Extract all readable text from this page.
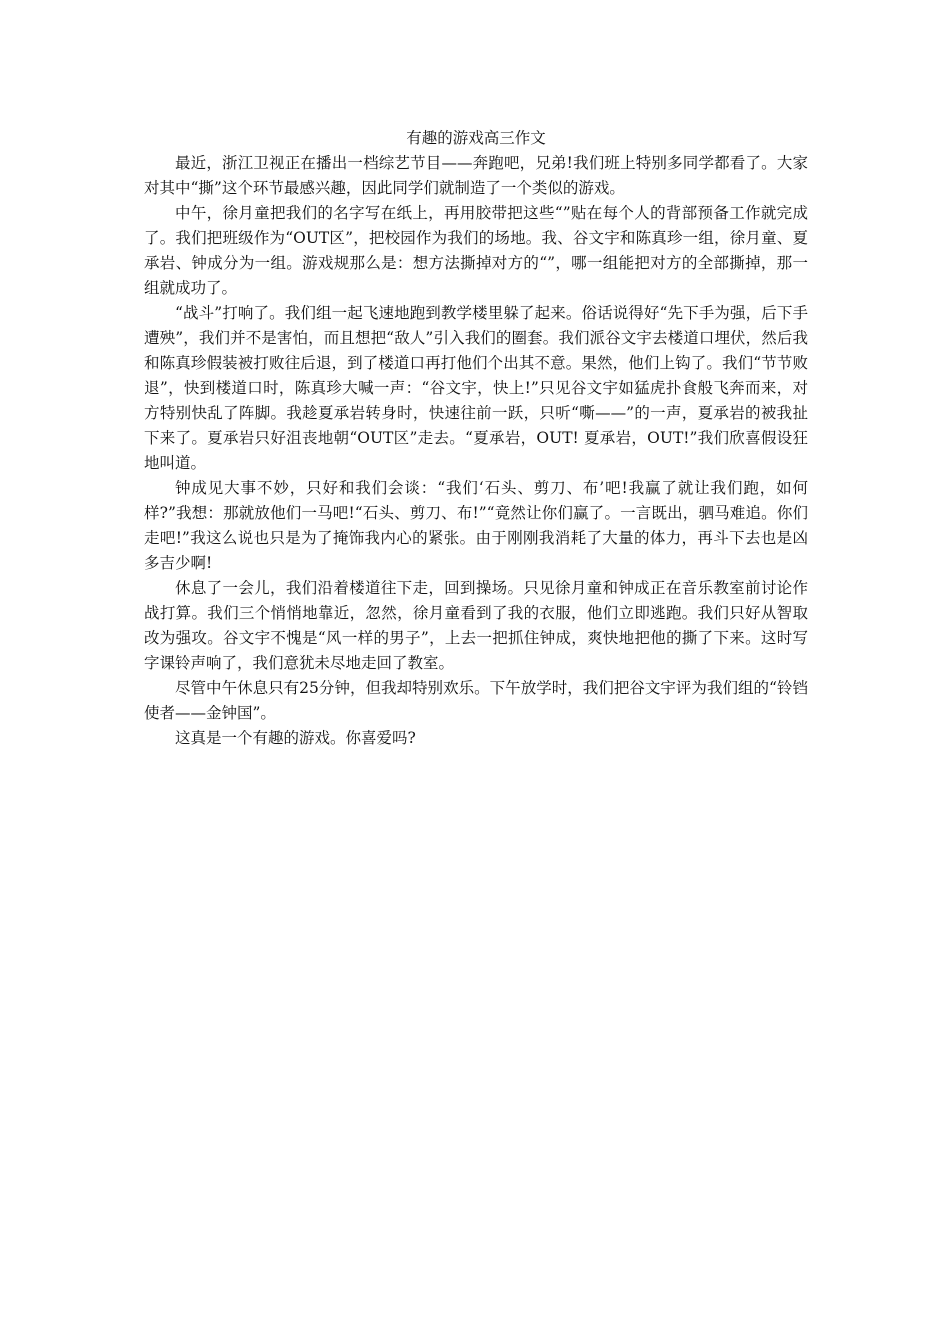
有趣的游戏高三作文

最近，浙江卫视正在播出一档综艺节目——奔跑吧，兄弟!我们班上特别多同学都看了。大家对其中“撕”这个环节最感兴趣，因此同学们就制造了一个类似的游戏。

中午，徐月童把我们的名字写在纸上，再用胶带把这些“”贴在每个人的背部预备工作就完成了。我们把班级作为“OUT区”，把校园作为我们的场地。我、谷文宇和陈真珍一组，徐月童、夏承岩、钟成分为一组。游戏规那么是：想方法撕掉对方的“”，哪一组能把对方的全部撕掉，那一组就成功了。

“战斗”打响了。我们组一起飞速地跑到教学楼里躲了起来。俗话说得好“先下手为强，后下手遭殃”，我们并不是害怕，而且想把“敌人”引入我们的圈套。我们派谷文宇去楼道口埋伏，然后我和陈真珍假装被打败往后退，到了楼道口再打他们个出其不意。果然，他们上钩了。我们“节节败退”，快到楼道口时，陈真珍大喊一声：“谷文宇，快上!”只见谷文宇如猛虎扑食般飞奔而来，对方特别快乱了阵脚。我趁夏承岩转身时，快速往前一跃，只听“嘶——”的一声，夏承岩的被我扯下来了。夏承岩只好沮丧地朝“OUT区”走去。“夏承岩，OUT! 夏承岩，OUT!”我们欣喜假设狂地叫道。

钟成见大事不妙，只好和我们会谈：“我们‘石头、剪刀、布’吧!我赢了就让我们跑，如何样?”我想：那就放他们一马吧!“石头、剪刀、布!”“竟然让你们赢了。一言既出，驷马难追。你们走吧!”我这么说也只是为了掩饰我内心的紧张。由于刚刚我消耗了大量的体力，再斗下去也是凶多吉少啊!

休息了一会儿，我们沿着楼道往下走，回到操场。只见徐月童和钟成正在音乐教室前讨论作战打算。我们三个悄悄地靠近，忽然，徐月童看到了我的衣服，他们立即逃跑。我们只好从智取改为强攻。谷文宇不愧是“风一样的男子”，上去一把抓住钟成，爽快地把他的撕了下来。这时写字课铃声响了，我们意犹未尽地走回了教室。

尽管中午休息只有25分钟，但我却特别欢乐。下午放学时，我们把谷文宇评为我们组的“铃铛使者——金钟国”。

这真是一个有趣的游戏。你喜爱吗?
